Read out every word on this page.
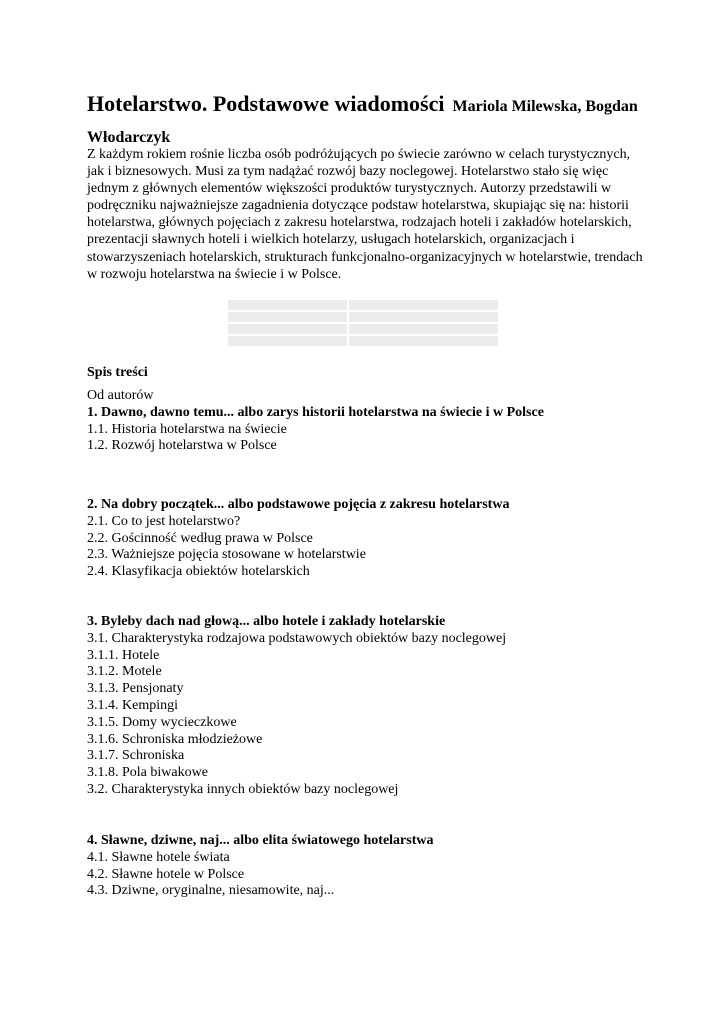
Hotelarstwo. Podstawowe wiadomości Mariola Milewska, Bogdan Włodarczyk

Z każdym rokiem rośnie liczba osób podróżujących po świecie zarówno w celach turystycznych, jak i biznesowych. Musi za tym nadążać rozwój bazy noclegowej. Hotelarstwo stało się więc jednym z głównych elementów większości produktów turystycznych. Autorzy przedstawili w podręczniku najważniejsze zagadnienia dotyczące podstaw hotelarstwa, skupiając się na: historii hotelarstwa, głównych pojęciach z zakresu hotelarstwa, rodzajach hoteli i zakładów hotelarskich, prezentacji sławnych hoteli i wielkich hotelarzy, usługach hotelarskich, organizacjach i stowarzyszeniach hotelarskich, strukturach funkcjonalno-organizacyjnych w hotelarstwie, trendach w rozwoju hotelarstwa na świecie i w Polsce.

Spis treści
Od autorów
1. Dawno, dawno temu... albo zarys historii hotelarstwa na świecie i w Polsce
1.1. Historia hotelarstwa na świecie
1.2. Rozwój hotelarstwa w Polsce
2. Na dobry początek... albo podstawowe pojęcia z zakresu hotelarstwa
2.1. Co to jest hotelarstwo?
2.2. Gościnność według prawa w Polsce
2.3. Ważniejsze pojęcia stosowane w hotelarstwie
2.4. Klasyfikacja obiektów hotelarskich
3. Byleby dach nad głową... albo hotele i zakłady hotelarskie
3.1. Charakterystyka rodzajowa podstawowych obiektów bazy noclegowej
3.1.1. Hotele
3.1.2. Motele
3.1.3. Pensjonaty
3.1.4. Kempingi
3.1.5. Domy wycieczkowe
3.1.6. Schroniska młodzieżowe
3.1.7. Schroniska
3.1.8. Pola biwakowe
3.2. Charakterystyka innych obiektów bazy noclegowej
4. Sławne, dziwne, naj... albo elita światowego hotelarstwa
4.1. Sławne hotele świata
4.2. Sławne hotele w Polsce
4.3. Dziwne, oryginalne, niesamowite, naj...
